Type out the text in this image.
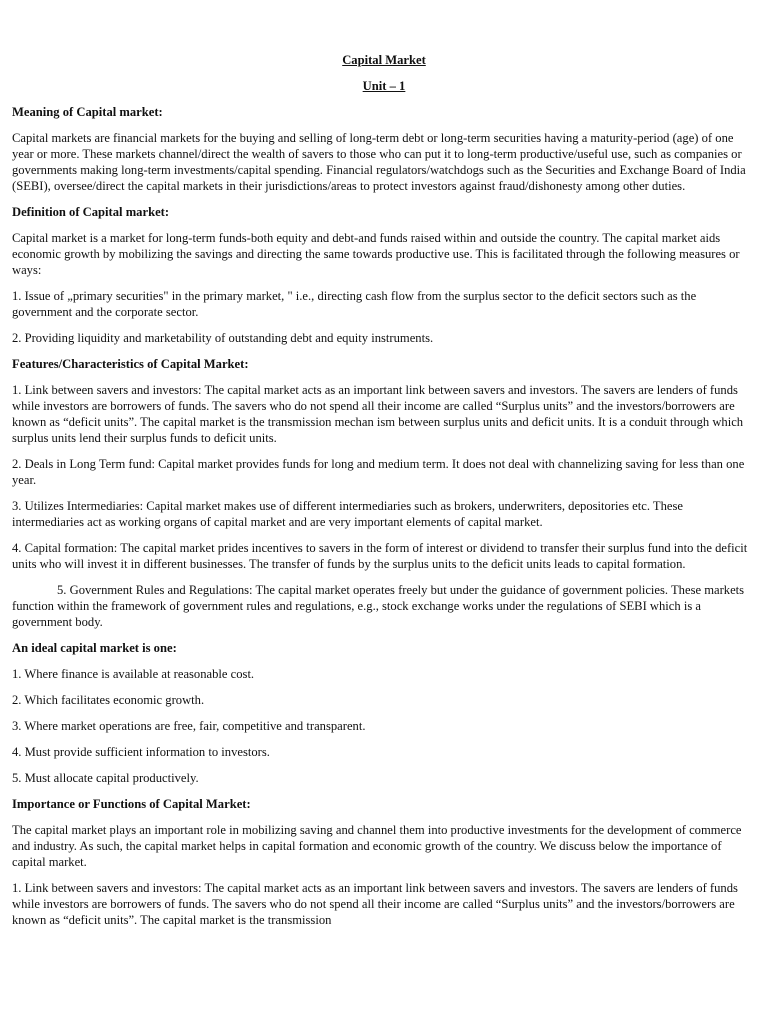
Capital Market
Unit – 1
Meaning of Capital market:

Capital markets are financial markets for the buying and selling of long-term debt or long-term securities having a maturity-period (age) of one year or more. These markets channel/direct the wealth of savers to those who can put it to long-term productive/useful use, such as companies or governments making long-term investments/capital spending. Financial regulators/watchdogs such as the Securities and Exchange Board of India (SEBI), oversee/direct the capital markets in their jurisdictions/areas to protect investors against fraud/dishonesty among other duties.

Definition of Capital market:

Capital market is a market for long-term funds-both equity and debt-and funds raised within and outside the country. The capital market aids economic growth by mobilizing the savings and directing the same towards productive use. This is facilitated through the following measures or ways:

1. Issue of „primary securities" in the primary market, " i.e., directing cash flow from the surplus sector to the deficit sectors such as the government and the corporate sector.

2. Providing liquidity and marketability of outstanding debt and equity instruments.

Features/Characteristics of Capital Market:

1. Link between savers and investors: The capital market acts as an important link between savers and investors. The savers are lenders of funds while investors are borrowers of funds. The savers who do not spend all their income are called “Surplus units” and the investors/borrowers are known as “deficit units”. The capital market is the transmission mechan ism between surplus units and deficit units. It is a conduit through which surplus units lend their surplus funds to deficit units.

2. Deals in Long Term fund: Capital market provides funds for long and medium term. It does not deal with channelizing saving for less than one year.

3. Utilizes Intermediaries: Capital market makes use of different intermediaries such as brokers, underwriters, depositories etc. These intermediaries act as working organs of capital market and are very important elements of capital market.

4. Capital formation: The capital market prides incentives to savers in the form of interest or dividend to transfer their surplus fund into the deficit units who will invest it in different businesses. The transfer of funds by the surplus units to the deficit units leads to capital formation.

5. Government Rules and Regulations: The capital market operates freely but under the guidance of government policies. These markets function within the framework of government rules and regulations, e.g., stock exchange works under the regulations of SEBI which is a government body.

An ideal capital market is one:

1. Where finance is available at reasonable cost.

2. Which facilitates economic growth.

3. Where market operations are free, fair, competitive and transparent.

4. Must provide sufficient information to investors.

5. Must allocate capital productively.

Importance or Functions of Capital Market:

The capital market plays an important role in mobilizing saving and channel them into productive investments for the development of commerce and industry. As such, the capital market helps in capital formation and economic growth of the country. We discuss below the importance of capital market.

1. Link between savers and investors: The capital market acts as an important link between savers and investors. The savers are lenders of funds while investors are borrowers of funds. The savers who do not spend all their income are called “Surplus units” and the investors/borrowers are known as “deficit units”. The capital market is the transmission
